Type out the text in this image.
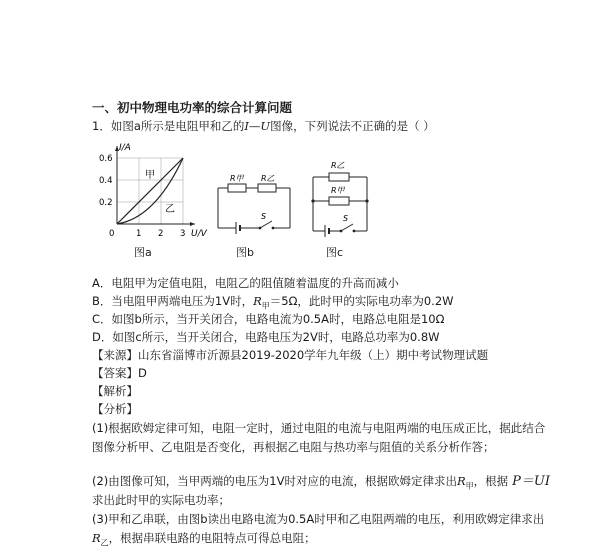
一、初中物理电功率的综合计算问题
1．如图a所示是电阻甲和乙的I—U图像，下列说法不正确的是（ ）
I/A
U/V
0.6
0.4
0.2
0	1 2 3
甲
乙
图a
R甲 R乙
S
图b
R乙
R甲
S
图c
A．电阻甲为定值电阻，电阻乙的阻值随着温度的升高而减小
B．当电阻甲两端电压为1V时，$R_甲=5\Omega$，此时甲的实际电功率为0.2W
C．如图b所示，当开关闭合，电路电流为0.5A时，电路总电阻是10Ω
D．如图c所示，当开关闭合，电路电压为2V时，电路总功率为0.8W
【来源】山东省淄博市沂源县2019-2020学年九年级（上）期中考试物理试题
【答案】D
【解析】
【分析】
(1)根据欧姆定律可知，电阻一定时，通过电阻的电流与电阻两端的电压成正比，据此结合
图像分析甲、乙电阻是否变化，再根据乙电阻与热功率与阻值的关系分析作答；
(2)由图像可知，当甲两端的电压为1V时对应的电流，根据欧姆定律求出$R_甲$，根据 P＝UI
求出此时甲的实际电功率；
(3)甲和乙串联，由图b读出电路电流为0.5A时甲和乙电阻两端的电压，利用欧姆定律求出
$R_乙$，根据串联电路的电阻特点可得总电阻；
